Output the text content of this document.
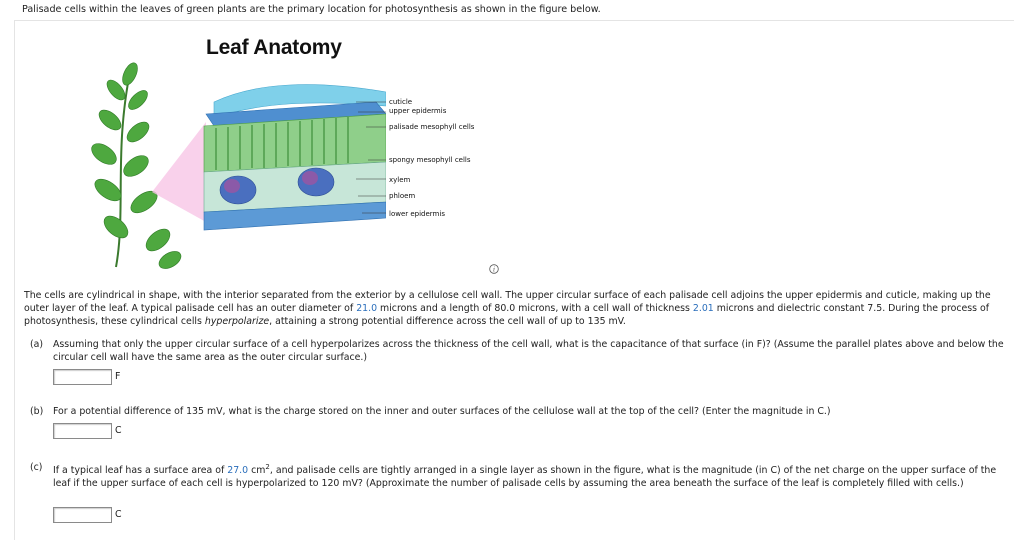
Palisade cells within the leaves of green plants are the primary location for photosynthesis as shown in the figure below.
Leaf Anatomy
cuticle
upper epidermis
palisade mesophyll cells
spongy mesophyll cells
xylem
phloem
lower epidermis
i
The cells are cylindrical in shape, with the interior separated from the exterior by a cellulose cell wall. The upper circular surface of each palisade cell adjoins the upper epidermis and cuticle, making up the outer layer of the leaf. A typical palisade cell has an outer diameter of 21.0 microns and a length of 80.0 microns, with a cell wall of thickness 2.01 microns and dielectric constant 7.5. During the process of photosynthesis, these cylindrical cells hyperpolarize, attaining a strong potential difference across the cell wall of up to 135 mV.
(a) Assuming that only the upper circular surface of a cell hyperpolarizes across the thickness of the cell wall, what is the capacitance of that surface (in F)? (Assume the parallel plates above and below the circular cell wall have the same area as the outer circular surface.)
F
(b) For a potential difference of 135 mV, what is the charge stored on the inner and outer surfaces of the cellulose wall at the top of the cell? (Enter the magnitude in C.)
C
(c) If a typical leaf has a surface area of 27.0 $cm^2$, and palisade cells are tightly arranged in a single layer as shown in the figure, what is the magnitude (in C) of the net charge on the upper surface of the leaf if the upper surface of each cell is hyperpolarized to 120 mV? (Approximate the number of palisade cells by assuming the area beneath the surface of the leaf is completely filled with cells.)
C
